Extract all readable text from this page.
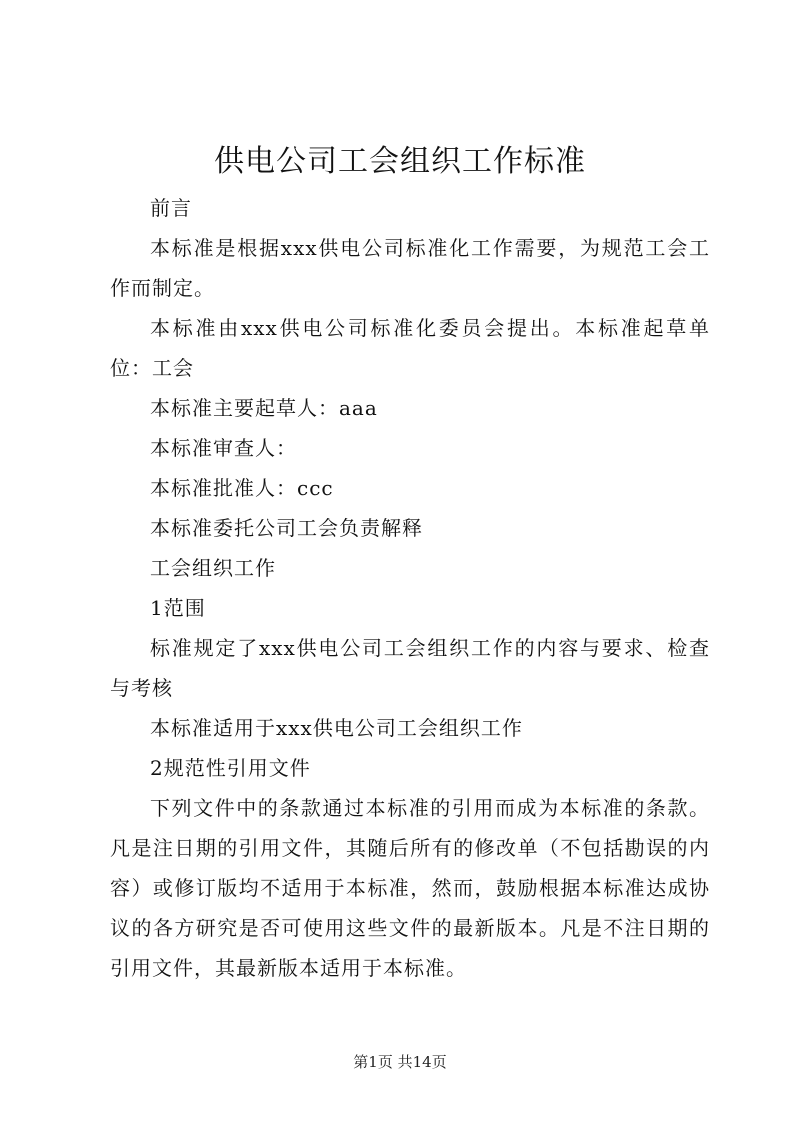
供电公司工会组织工作标准

前言

本标准是根据xxx供电公司标准化工作需要，为规范工会工作而制定。

本标准由xxx供电公司标准化委员会提出。本标准起草单位：工会

本标准主要起草人：aaa

本标准审查人：

本标准批准人：ccc

本标准委托公司工会负责解释

工会组织工作

1范围

标准规定了xxx供电公司工会组织工作的内容与要求、检查与考核

本标准适用于xxx供电公司工会组织工作

2规范性引用文件

下列文件中的条款通过本标准的引用而成为本标准的条款。凡是注日期的引用文件，其随后所有的修改单（不包括勘误的内容）或修订版均不适用于本标准，然而，鼓励根据本标准达成协议的各方研究是否可使用这些文件的最新版本。凡是不注日期的引用文件，其最新版本适用于本标准。

第1页 共14页
